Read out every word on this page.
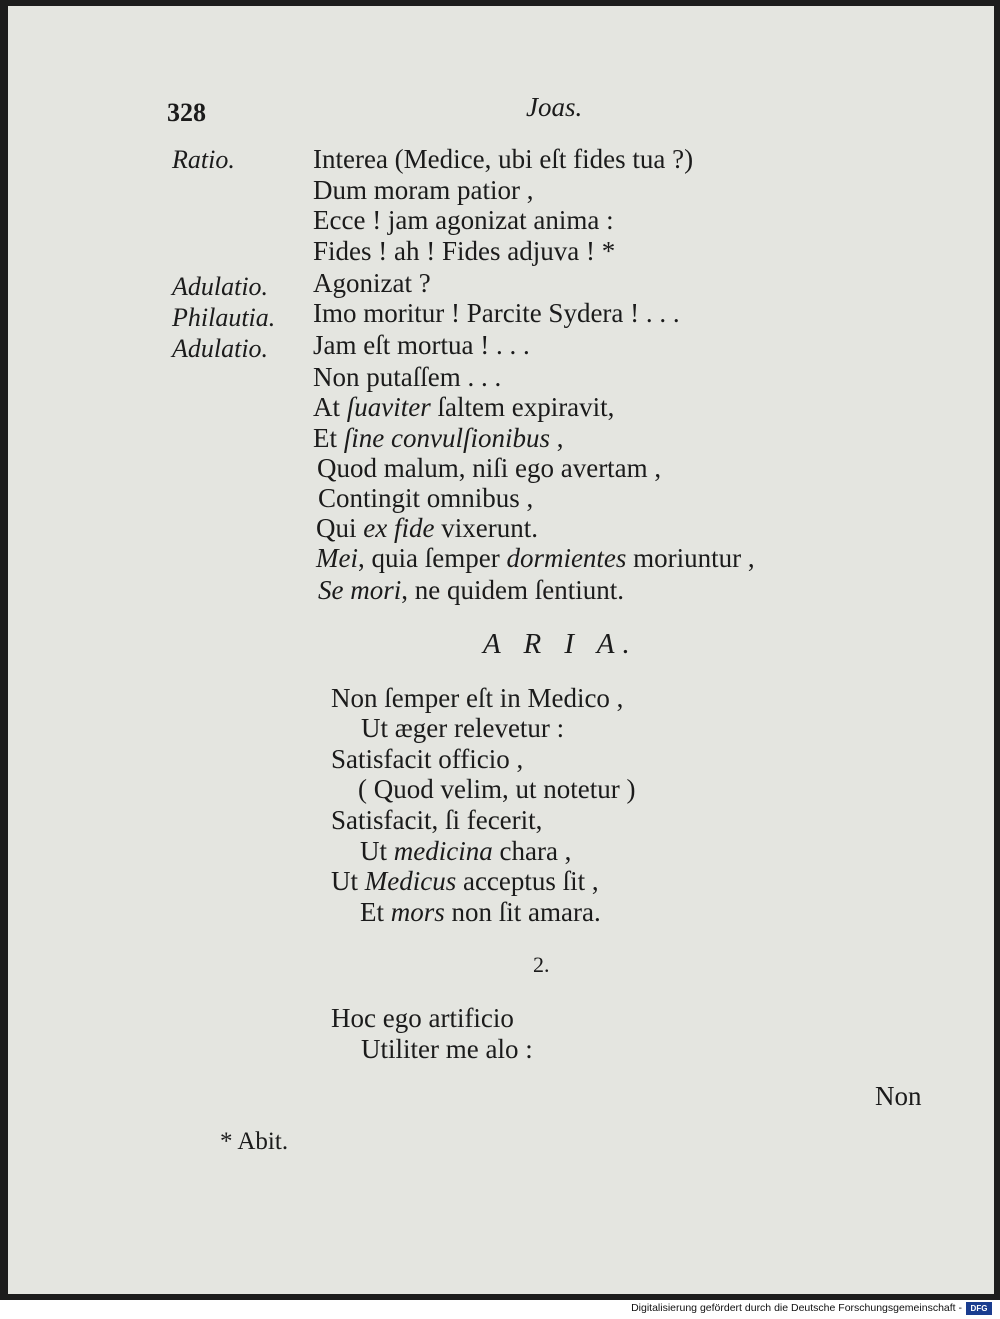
328	Joas.
Ratio.
Adulatio.
Philautia.
Adulatio.
Interea (Medice, ubi eſt fides tua ?)
Dum moram patior ,
Ecce ! jam agonizat anima :
Fides ! ah ! Fides adjuva ! *
Agonizat ?
Imo moritur ! Parcite Sydera ! . . .
Jam eſt mortua ! . . .
Non putaſſem . . .
At ſuaviter ſaltem expiravit,
Et ſine convulſionibus ,
Quod malum, niſi ego avertam ,
Contingit omnibus ,
Qui ex fide vixerunt.
Mei, quia ſemper dormientes moriuntur ,
Se mori, ne quidem ſentiunt.
A R I A.
Non ſemper eſt in Medico ,
Ut æger relevetur :
Satisfacit officio ,
( Quod velim, ut notetur )
Satisfacit, ſi fecerit,
Ut medicina chara ,
Ut Medicus acceptus ſit ,
Et mors non ſit amara.
2.
Hoc ego artificio
Utiliter me alo :
Non
* Abit.
Digitalisierung gefördert durch die Deutsche Forschungsgemeinschaft -	DFG
